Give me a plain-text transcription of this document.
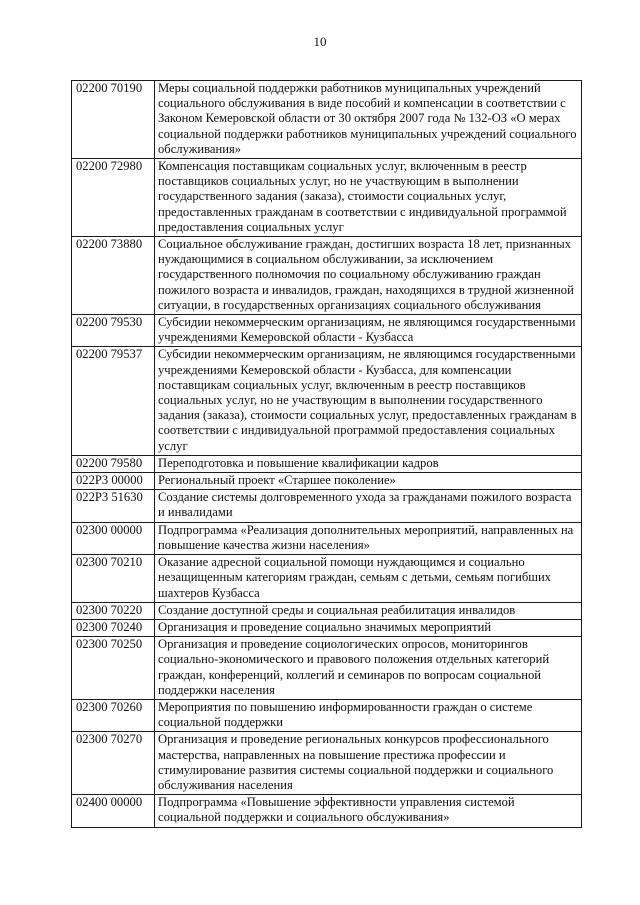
10
02200 70190	Меры социальной поддержки работников муниципальных учреждений социального обслуживания в виде пособий и компенсации в соответствии с Законом Кемеровской области от 30 октября 2007 года № 132-ОЗ «О мерах социальной поддержки работников муниципальных учреждений социального обслуживания»
02200 72980	Компенсация поставщикам социальных услуг, включенным в реестр поставщиков социальных услуг, но не участвующим в выполнении государственного задания (заказа), стоимости социальных услуг, предоставленных гражданам в соответствии с индивидуальной программой предоставления социальных услуг
02200 73880	Социальное обслуживание граждан, достигших возраста 18 лет, признанных нуждающимися в социальном обслуживании, за исключением государственного полномочия по социальному обслуживанию граждан пожилого возраста и инвалидов, граждан, находящихся в трудной жизненной ситуации, в государственных организациях социального обслуживания
02200 79530	Субсидии некоммерческим организациям, не являющимся государственными учреждениями Кемеровской области - Кузбасса
02200 79537	Субсидии некоммерческим организациям, не являющимся государственными учреждениями Кемеровской области - Кузбасса, для компенсации поставщикам социальных услуг, включенным в реестр поставщиков социальных услуг, но не участвующим в выполнении государственного задания (заказа), стоимости социальных услуг, предоставленных гражданам в соответствии с индивидуальной программой предоставления социальных услуг
02200 79580	Переподготовка и повышение квалификации кадров
022P3 00000	Региональный проект «Старшее поколение»
022P3 51630	Создание системы долговременного ухода за гражданами пожилого возраста и инвалидами
02300 00000	Подпрограмма «Реализация дополнительных мероприятий, направленных на повышение качества жизни населения»
02300 70210	Оказание адресной социальной помощи нуждающимся и социально незащищенным категориям граждан, семьям с детьми, семьям погибших шахтеров Кузбасса
02300 70220	Создание доступной среды и социальная реабилитация инвалидов
02300 70240	Организация и проведение социально значимых мероприятий
02300 70250	Организация и проведение социологических опросов, мониторингов социально-экономического и правового положения отдельных категорий граждан, конференций, коллегий и семинаров по вопросам социальной поддержки населения
02300 70260	Мероприятия по повышению информированности граждан о системе социальной поддержки
02300 70270	Организация и проведение региональных конкурсов профессионального мастерства, направленных на повышение престижа профессии и стимулирование развития системы социальной поддержки и социального обслуживания населения
02400 00000	Подпрограмма «Повышение эффективности управления системой социальной поддержки и социального обслуживания»
